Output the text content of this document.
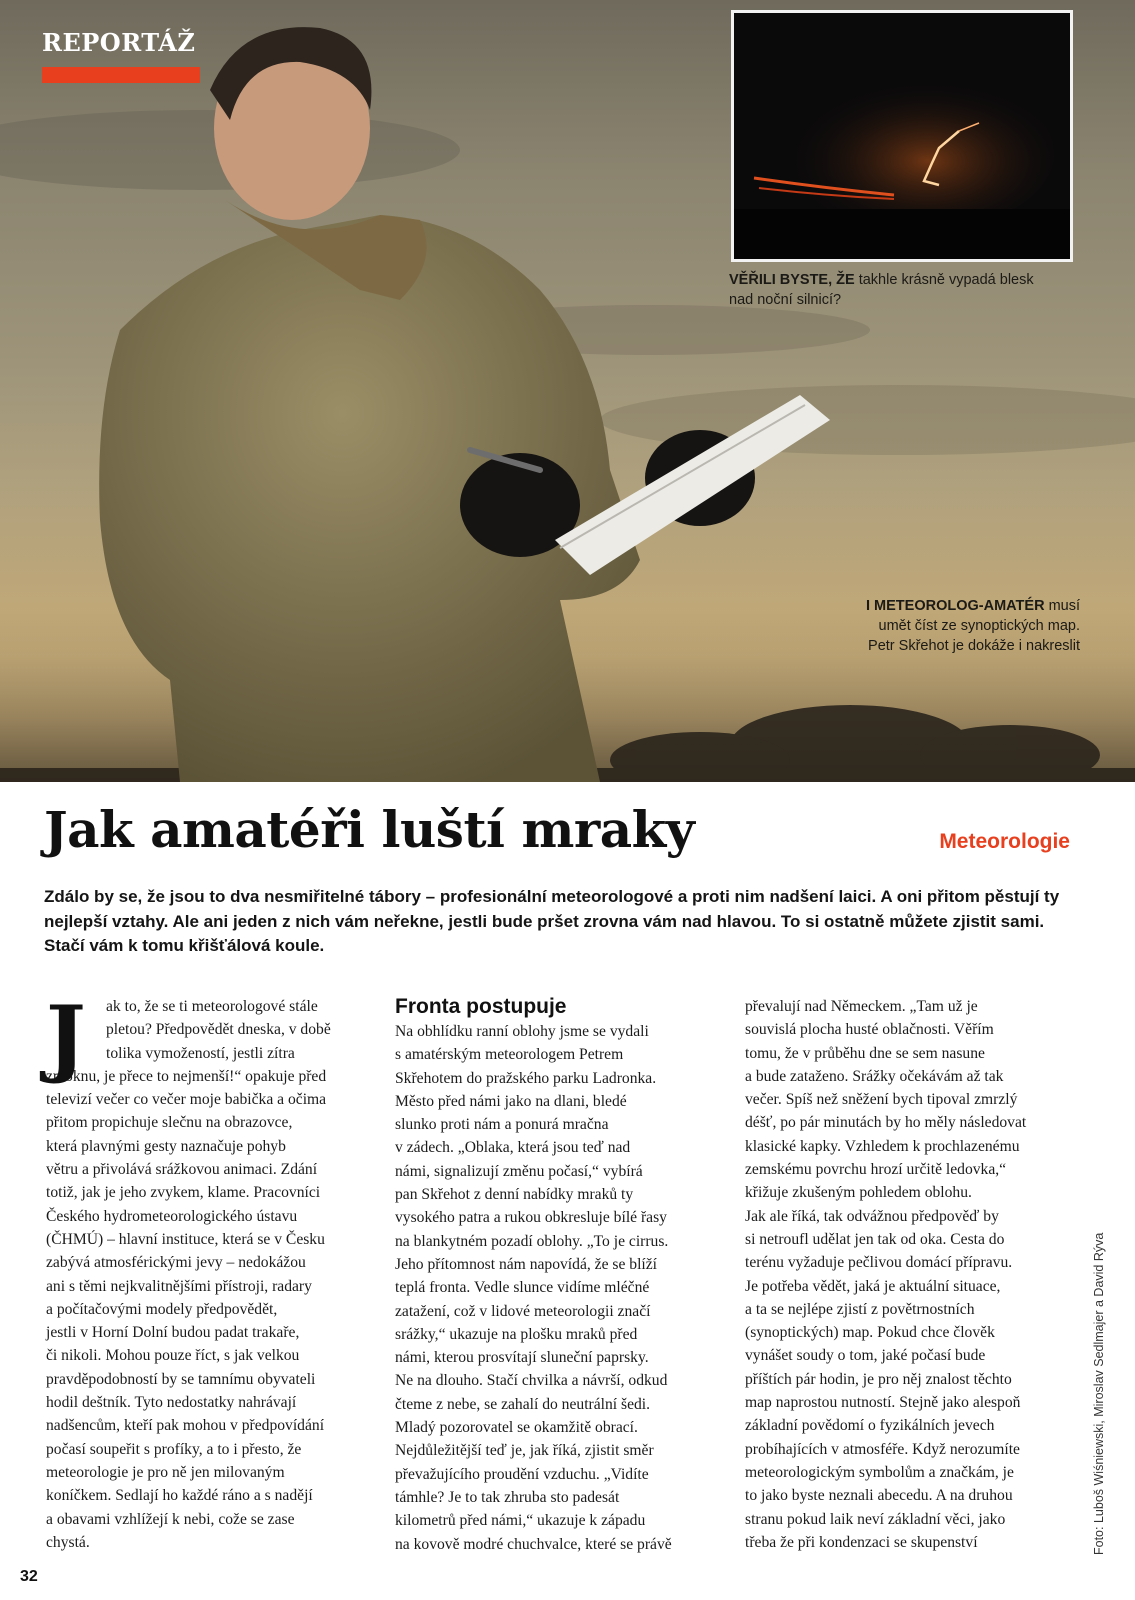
REPORTÁŽ
VĚŘILI BYSTE, ŽE takhle krásně vypadá blesk nad noční silnicí?
I METEOROLOG-AMATÉR musí
umět číst ze synoptických map.
Petr Skřehot je dokáže i nakreslit
Jak amatéři luští mraky	Meteorologie

Zdálo by se, že jsou to dva nesmiřitelné tábory – profesionální meteorologové a proti nim nadšení laici. A oni přitom pěstují ty nejlepší vztahy. Ale ani jeden z nich vám neřekne, jestli bude pršet zrovna vám nad hlavou. To si ostatně můžete zjistit sami. Stačí vám k tomu křišťálová koule.

J	ak to, že se ti meteorologové stále
pletou? Předpovědět dneska, v době
tolika vymožeností, jestli zítra
zmoknu, je přece to nejmenší!“ opakuje před
televizí večer co večer moje babička a očima
přitom propichuje slečnu na obrazovce,
která plavnými gesty naznačuje pohyb
větru a přivolává srážkovou animaci. Zdání
totiž, jak je jeho zvykem, klame. Pracovníci
Českého hydrometeorologického ústavu
(ČHMÚ) – hlavní instituce, která se v Česku
zabývá atmosférickými jevy – nedokážou
ani s těmi nejkvalitnějšími přístroji, radary
a počítačovými modely předpovědět,
jestli v Horní Dolní budou padat trakaře,
či nikoli. Mohou pouze říct, s jak velkou
pravděpodobností by se tamnímu obyvateli
hodil deštník. Tyto nedostatky nahrávají
nadšencům, kteří pak mohou v předpovídání
počasí soupeřit s profíky, a to i přesto, že
meteorologie je pro ně jen milovaným
koníčkem. Sedlají ho každé ráno a s nadějí
a obavami vzhlížejí k nebi, cože se zase
chystá.
Fronta postupuje
Na obhlídku ranní oblohy jsme se vydali
s amatérským meteorologem Petrem
Skřehotem do pražského parku Ladronka.
Město před námi jako na dlani, bledé
slunko proti nám a ponurá mračna
v zádech. „Oblaka, která jsou teď nad
námi, signalizují změnu počasí,“ vybírá
pan Skřehot z denní nabídky mraků ty
vysokého patra a rukou obkresluje bílé řasy
na blankytném pozadí oblohy. „To je cirrus.
Jeho přítomnost nám napovídá, že se blíží
teplá fronta. Vedle slunce vidíme mléčné
zatažení, což v lidové meteorologii značí
srážky,“ ukazuje na plošku mraků před
námi, kterou prosvítají sluneční paprsky.
Ne na dlouho. Stačí chvilka a návrší, odkud
čteme z nebe, se zahalí do neutrální šedi.
Mladý pozorovatel se okamžitě obrací.
Nejdůležitější teď je, jak říká, zjistit směr
převažujícího proudění vzduchu. „Vidíte
támhle? Je to tak zhruba sto padesát
kilometrů před námi,“ ukazuje k západu
na kovově modré chuchvalce, které se právě
převalují nad Německem. „Tam už je
souvislá plocha husté oblačnosti. Věřím
tomu, že v průběhu dne se sem nasune
a bude zataženo. Srážky očekávám až tak
večer. Spíš než sněžení bych tipoval zmrzlý
déšť, po pár minutách by ho měly následovat
klasické kapky. Vzhledem k prochlazenému
zemskému povrchu hrozí určitě ledovka,“
křižuje zkušeným pohledem oblohu.
Jak ale říká, tak odvážnou předpověď by
si netroufl udělat jen tak od oka. Cesta do
terénu vyžaduje pečlivou domácí přípravu.
Je potřeba vědět, jaká je aktuální situace,
a ta se nejlépe zjistí z povětrnostních
(synoptických) map. Pokud chce člověk
vynášet soudy o tom, jaké počasí bude
příštích pár hodin, je pro něj znalost těchto
map naprostou nutností. Stejně jako alespoň
základní povědomí o fyzikálních jevech
probíhajících v atmosféře. Když nerozumíte
meteorologickým symbolům a značkám, je
to jako byste neznali abecedu. A na druhou
stranu pokud laik neví základní věci, jako
třeba že při kondenzaci se skupenství	Foto: Luboš Wiśniewski, Miroslav Sedlmajer a David Rýva
32
